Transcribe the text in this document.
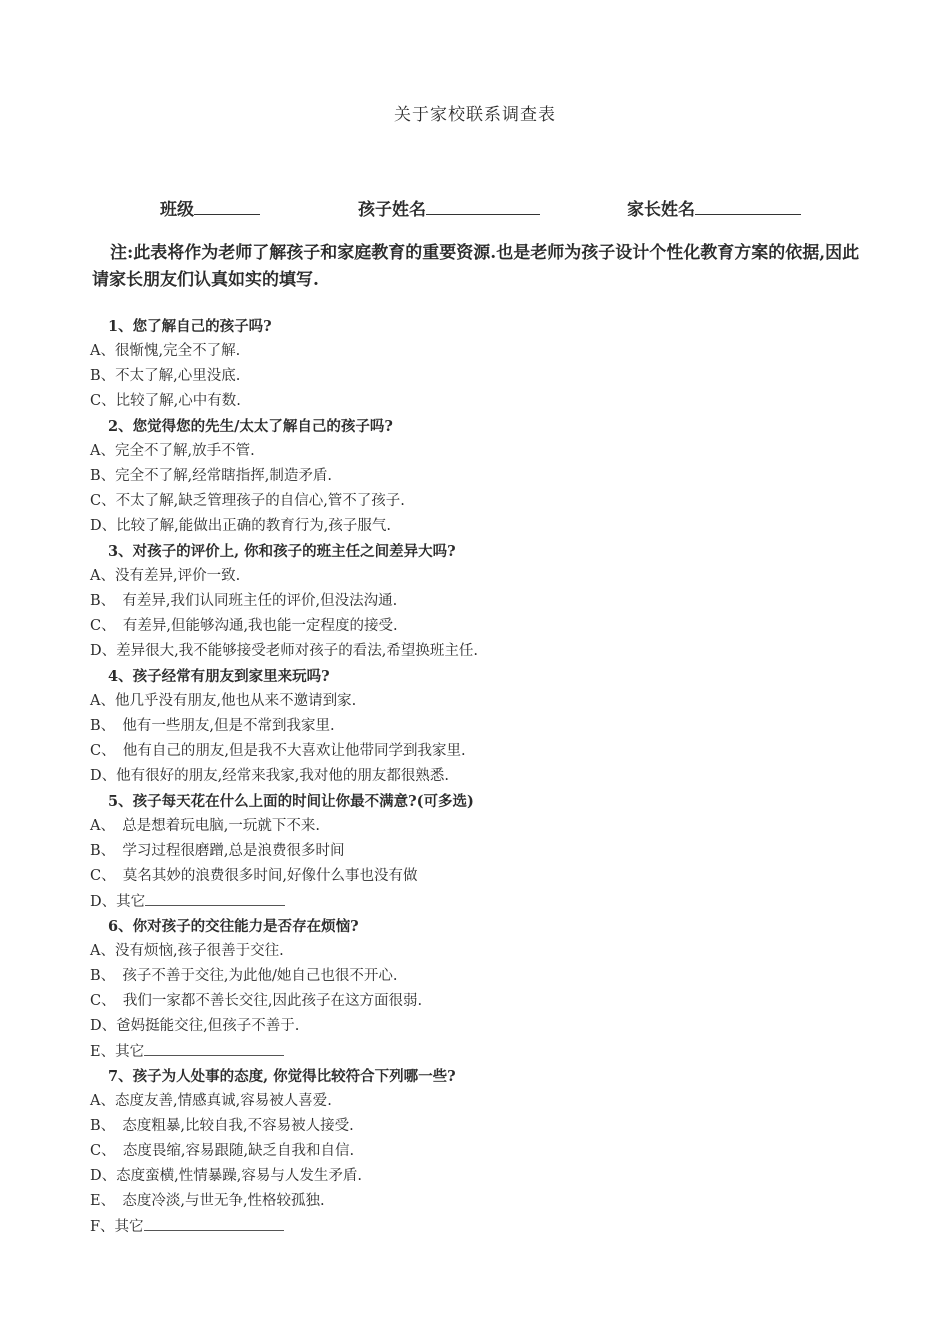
关于家校联系调查表
班级	孩子姓名	家长姓名
注:此表将作为老师了解孩子和家庭教育的重要资源.也是老师为孩子设计个性化教育方案的依据,因此请家长朋友们认真如实的填写.
1、您了解自己的孩子吗?
A、很惭愧,完全不了解.
B、不太了解,心里没底.
C、比较了解,心中有数.
2、您觉得您的先生/太太了解自己的孩子吗?
A、完全不了解,放手不管.
B、完全不了解,经常瞎指挥,制造矛盾.
C、不太了解,缺乏管理孩子的自信心,管不了孩子.
D、比较了解,能做出正确的教育行为,孩子服气.
3、对孩子的评价上, 你和孩子的班主任之间差异大吗?
A、没有差异,评价一致.
B、　有差异,我们认同班主任的评价,但没法沟通.
C、　有差异,但能够沟通,我也能一定程度的接受.
D、差异很大,我不能够接受老师对孩子的看法,希望换班主任.
4、孩子经常有朋友到家里来玩吗?
A、他几乎没有朋友,他也从来不邀请到家.
B、　他有一些朋友,但是不常到我家里.
C、　他有自己的朋友,但是我不大喜欢让他带同学到我家里.
D、他有很好的朋友,经常来我家,我对他的朋友都很熟悉.
5、孩子每天花在什么上面的时间让你最不满意?(可多选)
A、　总是想着玩电脑,一玩就下不来.
B、　学习过程很磨蹭,总是浪费很多时间
C、　莫名其妙的浪费很多时间,好像什么事也没有做
D、其它
6、你对孩子的交往能力是否存在烦恼?
A、没有烦恼,孩子很善于交往.
B、　孩子不善于交往,为此他/她自己也很不开心.
C、　我们一家都不善长交往,因此孩子在这方面很弱.
D、爸妈挺能交往,但孩子不善于.
E、其它
7、孩子为人处事的态度, 你觉得比较符合下列哪一些?
A、态度友善,情感真诚,容易被人喜爱.
B、　态度粗暴,比较自我,不容易被人接受.
C、　态度畏缩,容易跟随,缺乏自我和自信.
D、态度蛮横,性情暴躁,容易与人发生矛盾.
E、　态度冷淡,与世无争,性格较孤独.
F、其它
